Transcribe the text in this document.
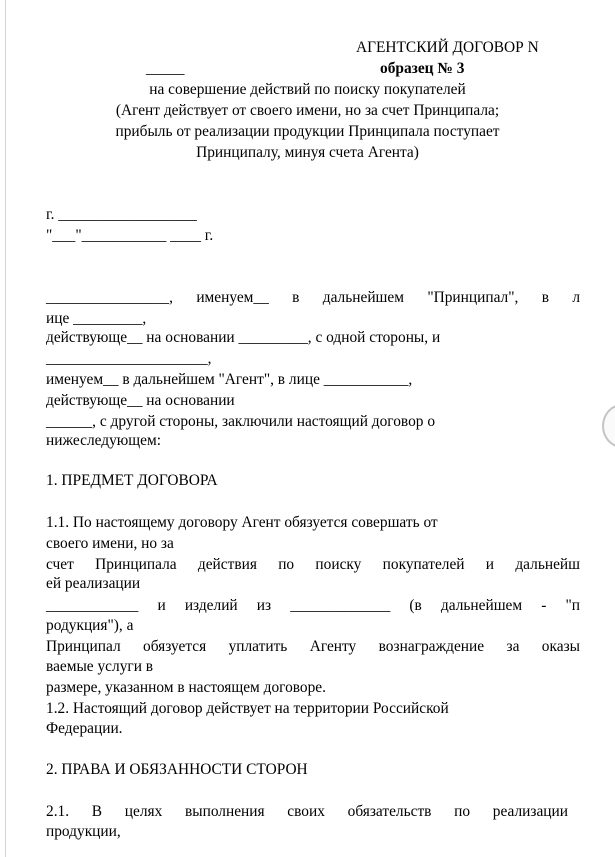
АГЕНТСКИЙ ДОГОВОР N
_____	образец № 3
на совершение действий по поиску покупателей
(Агент действует от своего имени, но за счет Принципала;
прибыль от реализации продукции Принципала поступает
Принципалу, минуя счета Агента)
г. __________________
"___"___________ ____ г.
________________, именуем__ в дальнейшем "Принципал", в л
ице _________,
действующе__ на основании _________, с одной стороны, и
_____________________,
именуем__ в дальнейшем "Агент", в лице ___________,
действующе__ на основании
______, с другой стороны, заключили настоящий договор о
нижеследующем:
1. ПРЕДМЕТ ДОГОВОРА
1.1. По настоящему договору Агент обязуется совершать от
своего имени, но за
счет Принципала действия по поиску покупателей и дальнейш
ей реализации
____________ и изделий из _____________ (в дальнейшем - "п
родукция"), а
Принципал обязуется уплатить Агенту вознаграждение за оказы
ваемые услуги в
размере, указанном в настоящем договоре.
1.2. Настоящий договор действует на территории Российской
Федерации.
2. ПРАВА И ОБЯЗАННОСТИ СТОРОН
2.1. В целях выполнения своих обязательств по реализации
продукции,
